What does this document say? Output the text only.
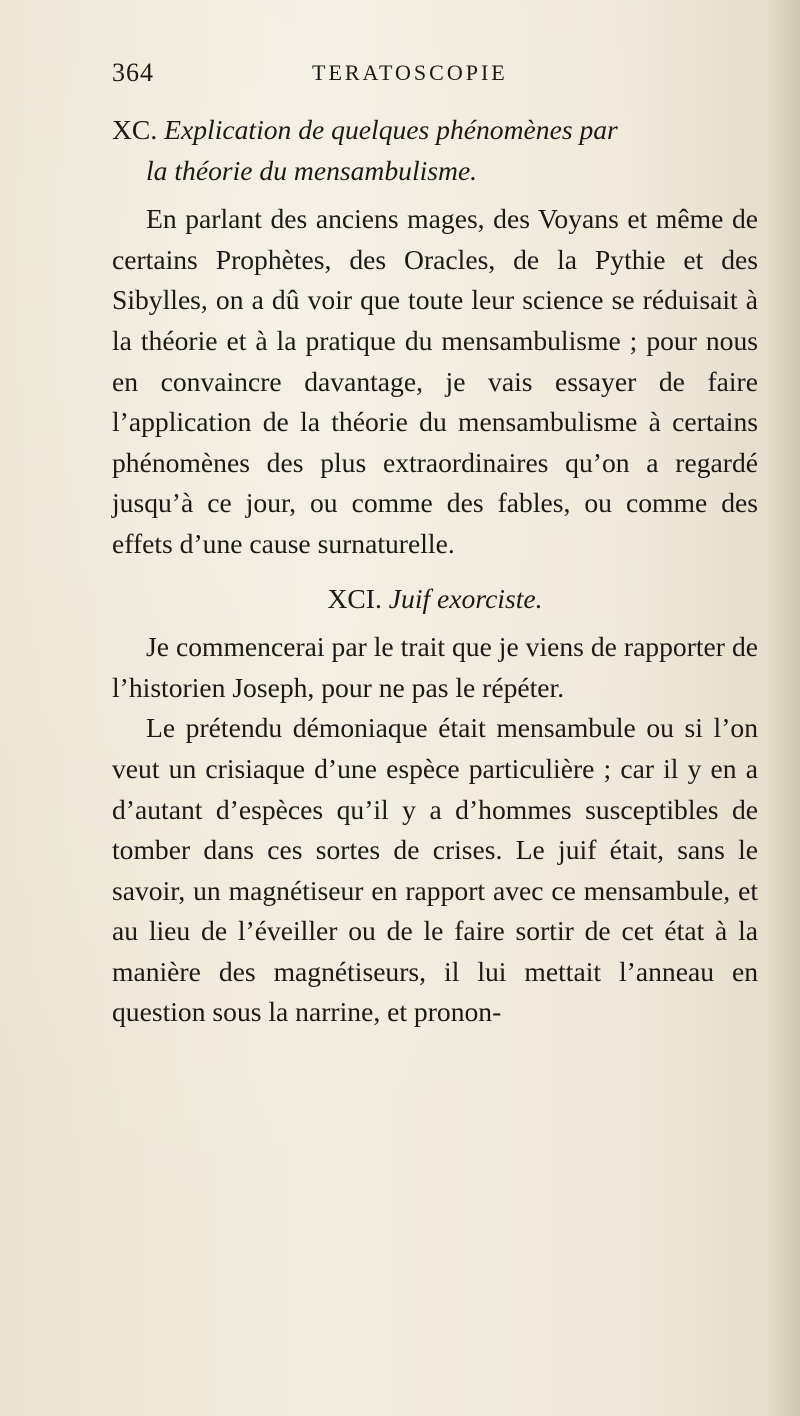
364	TERATOSCOPIE
XC. Explication de quelques phénomènes par
la théorie du mensambulisme.

En parlant des anciens mages, des Voyans et même de certains Prophètes, des Oracles, de la Pythie et des Sibylles, on a dû voir que toute leur science se réduisait à la théorie et à la pratique du mensambulisme ; pour nous en convaincre davantage, je vais essayer de faire l’application de la théorie du mensambulisme à certains phénomènes des plus extraordinaires qu’on a regardé jusqu’à ce jour, ou comme des fables, ou comme des effets d’une cause surnaturelle.

XCI. Juif exorciste.

Je commencerai par le trait que je viens de rapporter de l’historien Joseph, pour ne pas le répéter.

Le prétendu démoniaque était mensambule ou si l’on veut un crisiaque d’une espèce particulière ; car il y en a d’autant d’espèces qu’il y a d’hommes susceptibles de tomber dans ces sortes de crises. Le juif était, sans le savoir, un magnétiseur en rapport avec ce mensambule, et au lieu de l’éveiller ou de le faire sortir de cet état à la manière des magnétiseurs, il lui mettait l’anneau en question sous la narrine, et pronon-
